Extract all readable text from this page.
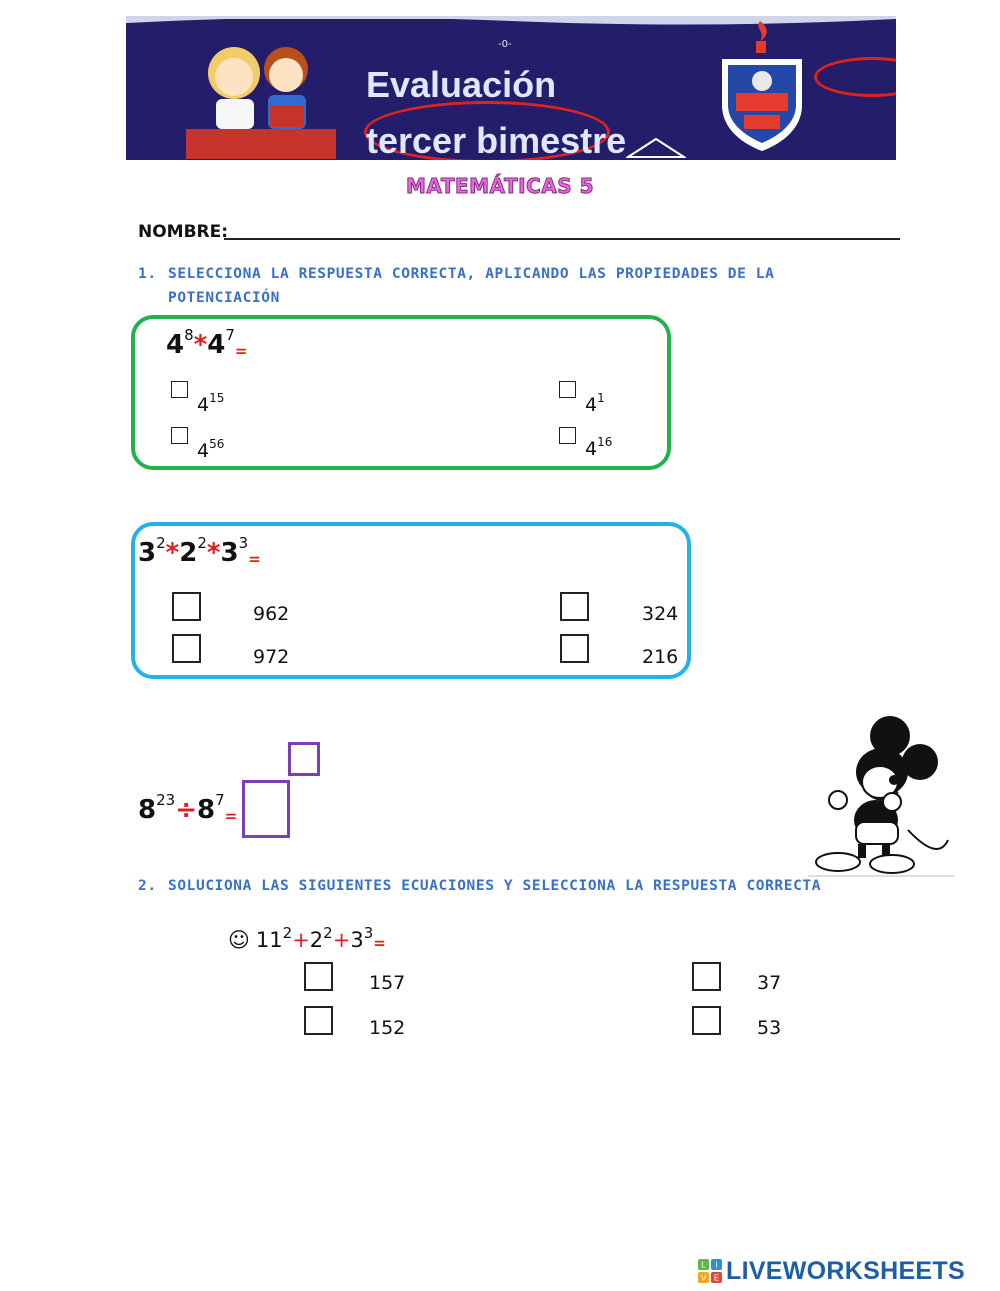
-0-
Evaluación
tercer bimestre
MATEMÁTICAS 5
NOMBRE:
1. SELECCIONA LA RESPUESTA CORRECTA, APLICANDO LAS PROPIEDADES DE LA POTENCIACIÓN
$4^8*4^7=$
$4^{15}$
$4^{56}$
$4^1$
$4^{16}$
$3^2*2^2*3^3=$
962
972
324
216
$8^{23}\div 8^7=$
2. SOLUCIONA LAS SIGUIENTES ECUACIONES Y SELECCIONA LA RESPUESTA CORRECTA
☺ $11^2+2^2+3^3=$
157
152
37
53
L I
V E LIVEWORKSHEETS
